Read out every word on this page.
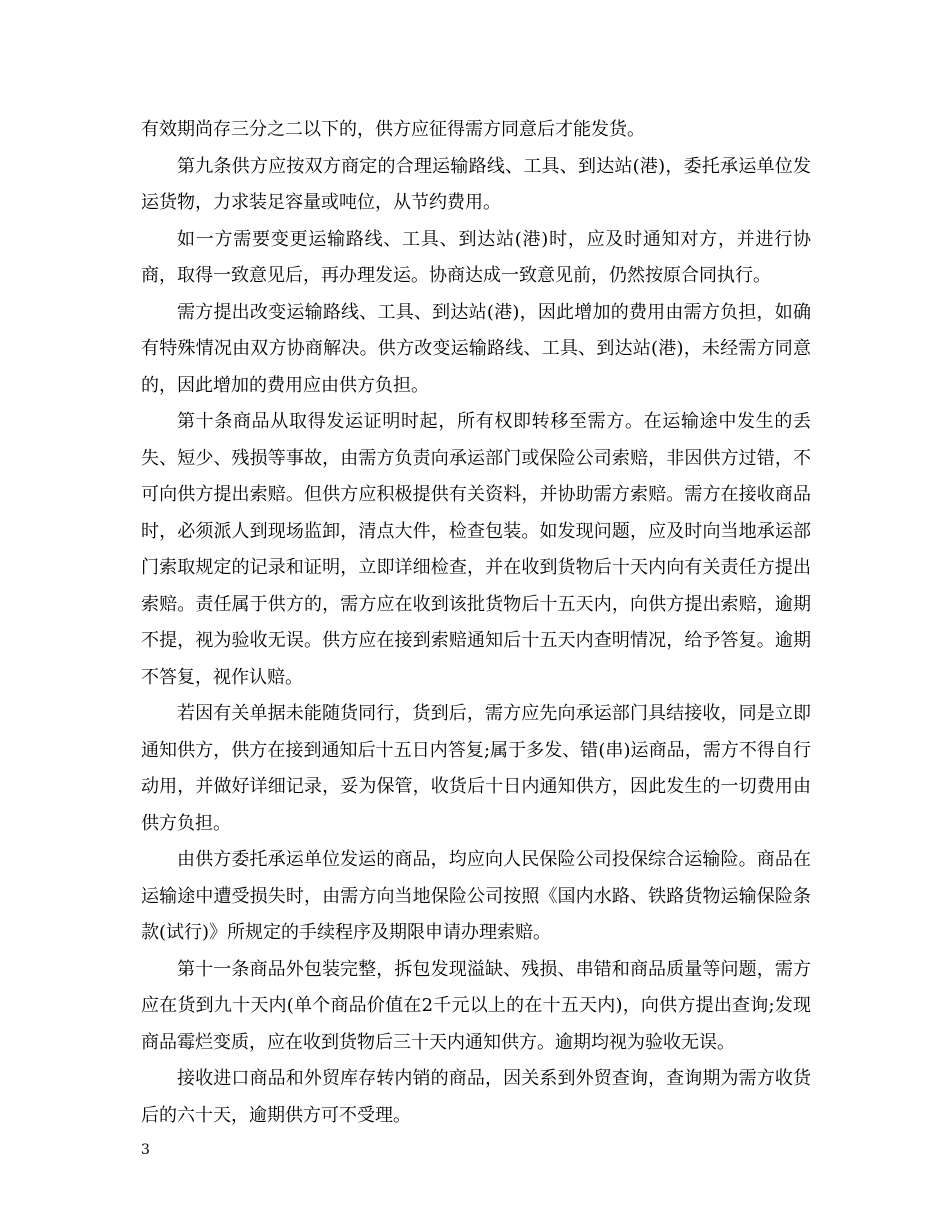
有效期尚存三分之二以下的，供方应征得需方同意后才能发货。

第九条供方应按双方商定的合理运输路线、工具、到达站(港)，委托承运单位发运货物，力求装足容量或吨位，从节约费用。

如一方需要变更运输路线、工具、到达站(港)时，应及时通知对方，并进行协商，取得一致意见后，再办理发运。协商达成一致意见前，仍然按原合同执行。

需方提出改变运输路线、工具、到达站(港)，因此增加的费用由需方负担，如确有特殊情况由双方协商解决。供方改变运输路线、工具、到达站(港)，未经需方同意的，因此增加的费用应由供方负担。

第十条商品从取得发运证明时起，所有权即转移至需方。在运输途中发生的丢失、短少、残损等事故，由需方负责向承运部门或保险公司索赔，非因供方过错，不可向供方提出索赔。但供方应积极提供有关资料，并协助需方索赔。需方在接收商品时，必须派人到现场监卸，清点大件，检查包装。如发现问题，应及时向当地承运部门索取规定的记录和证明，立即详细检查，并在收到货物后十天内向有关责任方提出索赔。责任属于供方的，需方应在收到该批货物后十五天内，向供方提出索赔，逾期不提，视为验收无误。供方应在接到索赔通知后十五天内查明情况，给予答复。逾期不答复，视作认赔。

若因有关单据未能随货同行，货到后，需方应先向承运部门具结接收，同是立即通知供方，供方在接到通知后十五日内答复;属于多发、错(串)运商品，需方不得自行动用，并做好详细记录，妥为保管，收货后十日内通知供方，因此发生的一切费用由供方负担。

由供方委托承运单位发运的商品，均应向人民保险公司投保综合运输险。商品在运输途中遭受损失时，由需方向当地保险公司按照《国内水路、铁路货物运输保险条款(试行)》所规定的手续程序及期限申请办理索赔。

第十一条商品外包装完整，拆包发现溢缺、残损、串错和商品质量等问题，需方应在货到九十天内(单个商品价值在2千元以上的在十五天内)，向供方提出查询;发现商品霉烂变质，应在收到货物后三十天内通知供方。逾期均视为验收无误。

接收进口商品和外贸库存转内销的商品，因关系到外贸查询，查询期为需方收货后的六十天，逾期供方可不受理。

3
